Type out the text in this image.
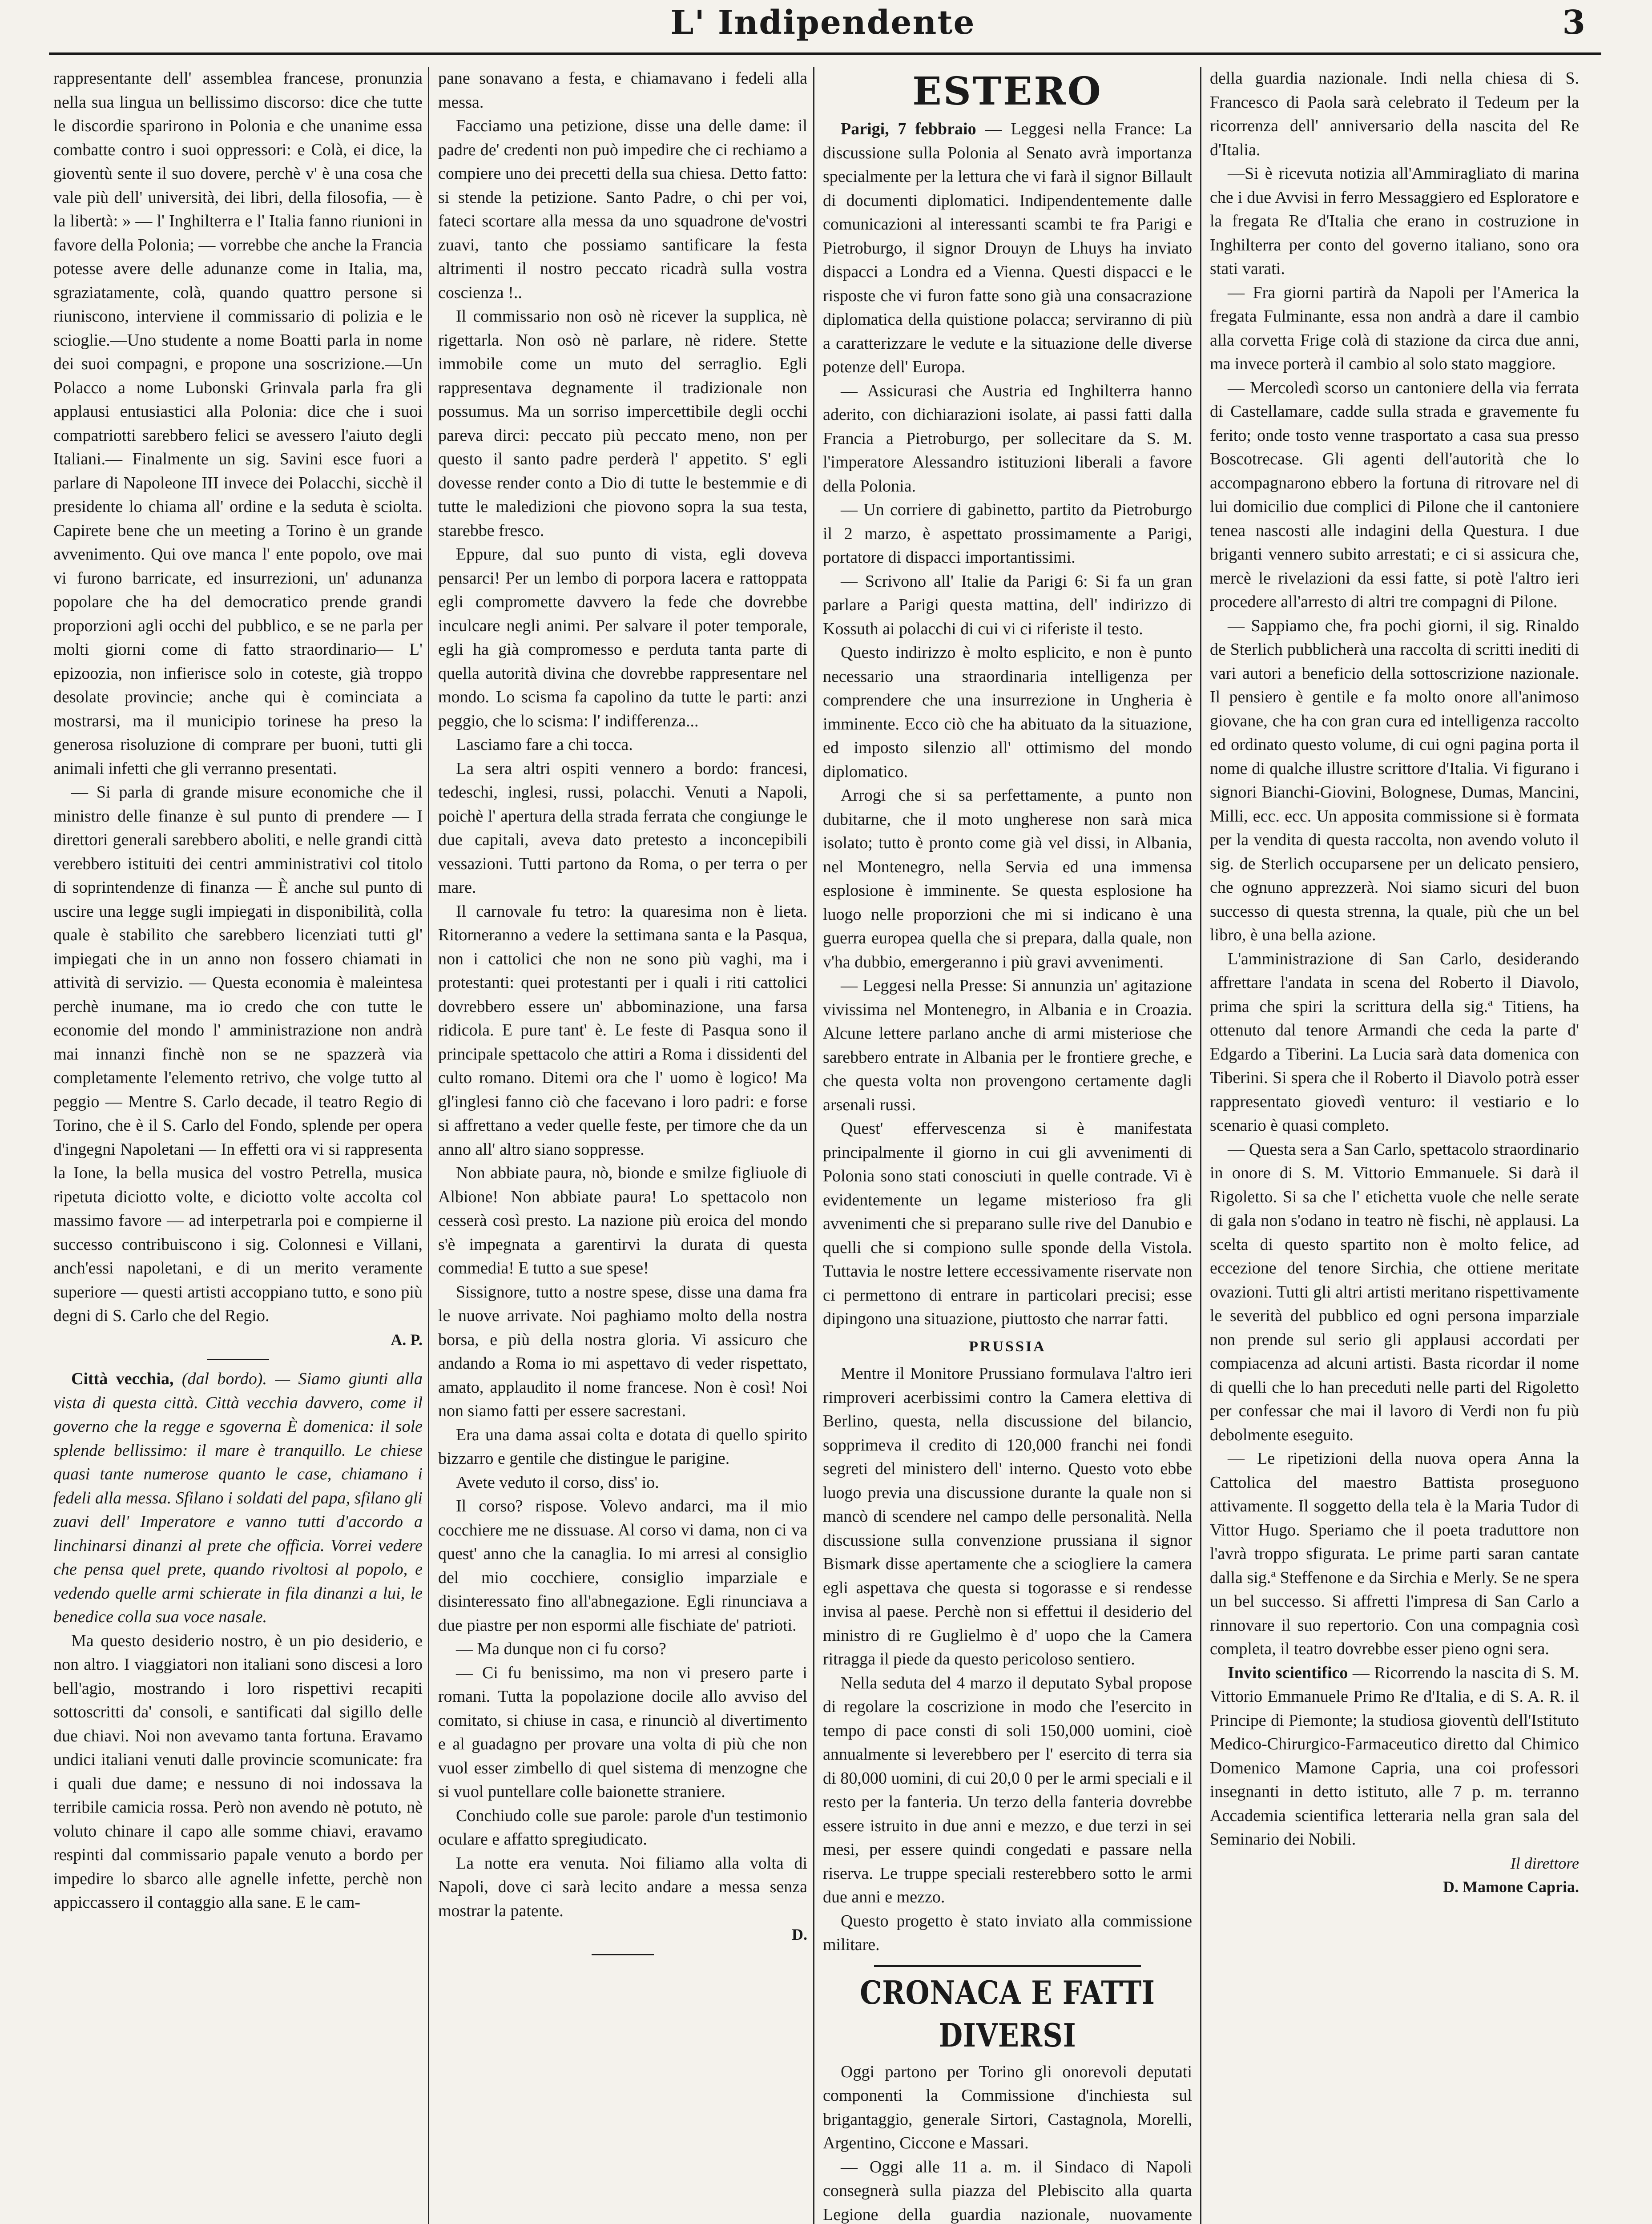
L' Indipendente	3

rappresentante dell' assemblea francese, pronunzia nella sua lingua un bellissimo discorso: dice che tutte le discordie sparirono in Polonia e che unanime essa combatte contro i suoi oppressori: e Colà, ei dice, la gioventù sente il suo dovere, perchè v' è una cosa che vale più dell' università, dei libri, della filosofia, — è la libertà: » — l' Inghilterra e l' Italia fanno riunioni in favore della Polonia; — vorrebbe che anche la Francia potesse avere delle adunanze come in Italia, ma, sgraziatamente, colà, quando quattro persone si riuniscono, interviene il commissario di polizia e le scioglie.—Uno studente a nome Boatti parla in nome dei suoi compagni, e propone una soscrizione.—Un Polacco a nome Lubonski Grinvala parla fra gli applausi entusiastici alla Polonia: dice che i suoi compatriotti sarebbero felici se avessero l'aiuto degli Italiani.— Finalmente un sig. Savini esce fuori a parlare di Napoleone III invece dei Polacchi, sicchè il presidente lo chiama all' ordine e la seduta è sciolta. Capirete bene che un meeting a Torino è un grande avvenimento. Qui ove manca l' ente popolo, ove mai vi furono barricate, ed insurrezioni, un' adunanza popolare che ha del democratico prende grandi proporzioni agli occhi del pubblico, e se ne parla per molti giorni come di fatto straordinario— L' epizoozia, non infierisce solo in coteste, già troppo desolate provincie; anche qui è cominciata a mostrarsi, ma il municipio torinese ha preso la generosa risoluzione di comprare per buoni, tutti gli animali infetti che gli verranno presentati.

— Si parla di grande misure economiche che il ministro delle finanze è sul punto di prendere — I direttori generali sarebbero aboliti, e nelle grandi città verebbero istituiti dei centri amministrativi col titolo di soprintendenze di finanza — È anche sul punto di uscire una legge sugli impiegati in disponibilità, colla quale è stabilito che sarebbero licenziati tutti gl' impiegati che in un anno non fossero chiamati in attività di servizio. — Questa economia è maleintesa perchè inumane, ma io credo che con tutte le economie del mondo l' amministrazione non andrà mai innanzi finchè non se ne spazzerà via completamente l'elemento retrivo, che volge tutto al peggio — Mentre S. Carlo decade, il teatro Regio di Torino, che è il S. Carlo del Fondo, splende per opera d'ingegni Napoletani — In effetti ora vi si rappresenta la Ione, la bella musica del vostro Petrella, musica ripetuta diciotto volte, e diciotto volte accolta col massimo favore — ad interpetrarla poi e compierne il successo contribuiscono i sig. Colonnesi e Villani, anch'essi napoletani, e di un merito veramente superiore — questi artisti accoppiano tutto, e sono più degni di S. Carlo che del Regio.

A. P.

Città vecchia, (dal bordo). — Siamo giunti alla vista di questa città. Città vecchia davvero, come il governo che la regge e sgoverna È domenica: il sole splende bellissimo: il mare è tranquillo. Le chiese quasi tante numerose quanto le case, chiamano i fedeli alla messa. Sfilano i soldati del papa, sfilano gli zuavi dell' Imperatore e vanno tutti d'accordo a linchinarsi dinanzi al prete che officia. Vorrei vedere che pensa quel prete, quando rivoltosi al popolo, e vedendo quelle armi schierate in fila dinanzi a lui, le benedice colla sua voce nasale.

Ma questo desiderio nostro, è un pio desiderio, e non altro. I viaggiatori non italiani sono discesi a loro bell'agio, mostrando i loro rispettivi recapiti sottoscritti da' consoli, e santificati dal sigillo delle due chiavi. Noi non avevamo tanta fortuna. Eravamo undici italiani venuti dalle provincie scomunicate: fra i quali due dame; e nessuno di noi indossava la terribile camicia rossa. Però non avendo nè potuto, nè voluto chinare il capo alle somme chiavi, eravamo respinti dal commissario papale venuto a bordo per impedire lo sbarco alle agnelle infette, perchè non appiccassero il contaggio alla sane. E le cam-

pane sonavano a festa, e chiamavano i fedeli alla messa.

Facciamo una petizione, disse una delle dame: il padre de' credenti non può impedire che ci rechiamo a compiere uno dei precetti della sua chiesa. Detto fatto: si stende la petizione. Santo Padre, o chi per voi, fateci scortare alla messa da uno squadrone de'vostri zuavi, tanto che possiamo santificare la festa altrimenti il nostro peccato ricadrà sulla vostra coscienza !..

Il commissario non osò nè ricever la supplica, nè rigettarla. Non osò nè parlare, nè ridere. Stette immobile come un muto del serraglio. Egli rappresentava degnamente il tradizionale non possumus. Ma un sorriso impercettibile degli occhi pareva dirci: peccato più peccato meno, non per questo il santo padre perderà l' appetito. S' egli dovesse render conto a Dio di tutte le bestemmie e di tutte le maledizioni che piovono sopra la sua testa, starebbe fresco.

Eppure, dal suo punto di vista, egli doveva pensarci! Per un lembo di porpora lacera e rattoppata egli compromette davvero la fede che dovrebbe inculcare negli animi. Per salvare il poter temporale, egli ha già compromesso e perduta tanta parte di quella autorità divina che dovrebbe rappresentare nel mondo. Lo scisma fa capolino da tutte le parti: anzi peggio, che lo scisma: l' indifferenza...

Lasciamo fare a chi tocca.

La sera altri ospiti vennero a bordo: francesi, tedeschi, inglesi, russi, polacchi. Venuti a Napoli, poichè l' apertura della strada ferrata che congiunge le due capitali, aveva dato pretesto a inconcepibili vessazioni. Tutti partono da Roma, o per terra o per mare.

Il carnovale fu tetro: la quaresima non è lieta. Ritorneranno a vedere la settimana santa e la Pasqua, non i cattolici che non ne sono più vaghi, ma i protestanti: quei protestanti per i quali i riti cattolici dovrebbero essere un' abbominazione, una farsa ridicola. E pure tant' è. Le feste di Pasqua sono il principale spettacolo che attiri a Roma i dissidenti del culto romano. Ditemi ora che l' uomo è logico! Ma gl'inglesi fanno ciò che facevano i loro padri: e forse si affrettano a veder quelle feste, per timore che da un anno all' altro siano soppresse.

Non abbiate paura, nò, bionde e smilze figliuole di Albione! Non abbiate paura! Lo spettacolo non cesserà così presto. La nazione più eroica del mondo s'è impegnata a garentirvi la durata di questa commedia! E tutto a sue spese!

Sissignore, tutto a nostre spese, disse una dama fra le nuove arrivate. Noi paghiamo molto della nostra borsa, e più della nostra gloria. Vi assicuro che andando a Roma io mi aspettavo di veder rispettato, amato, applaudito il nome francese. Non è così! Noi non siamo fatti per essere sacrestani.

Era una dama assai colta e dotata di quello spirito bizzarro e gentile che distingue le parigine.

Avete veduto il corso, diss' io.

Il corso? rispose. Volevo andarci, ma il mio cocchiere me ne dissuase. Al corso vi dama, non ci va quest' anno che la canaglia. Io mi arresi al consiglio del mio cocchiere, consiglio imparziale e disinteressato fino all'abnegazione. Egli rinunciava a due piastre per non espormi alle fischiate de' patrioti.

— Ma dunque non ci fu corso?

— Ci fu benissimo, ma non vi presero parte i romani. Tutta la popolazione docile allo avviso del comitato, si chiuse in casa, e rinunciò al divertimento e al guadagno per provare una volta di più che non vuol esser zimbello di quel sistema di menzogne che si vuol puntellare colle baionette straniere.

Conchiudo colle sue parole: parole d'un testimonio oculare e affatto spregiudicato.

La notte era venuta. Noi filiamo alla volta di Napoli, dove ci sarà lecito andare a messa senza mostrar la patente.

D.
ESTERO

Parigi, 7 febbraio — Leggesi nella France: La discussione sulla Polonia al Senato avrà importanza specialmente per la lettura che vi farà il signor Billault di documenti diplomatici. Indipendentemente dalle comunicazioni al interessanti scambi te fra Parigi e Pietroburgo, il signor Drouyn de Lhuys ha inviato dispacci a Londra ed a Vienna. Questi dispacci e le risposte che vi furon fatte sono già una consacrazione diplomatica della quistione polacca; serviranno di più a caratterizzare le vedute e la situazione delle diverse potenze dell' Europa.

— Assicurasi che Austria ed Inghilterra hanno aderito, con dichiarazioni isolate, ai passi fatti dalla Francia a Pietroburgo, per sollecitare da S. M. l'imperatore Alessandro istituzioni liberali a favore della Polonia.

— Un corriere di gabinetto, partito da Pietroburgo il 2 marzo, è aspettato prossimamente a Parigi, portatore di dispacci importantissimi.

— Scrivono all' Italie da Parigi 6: Si fa un gran parlare a Parigi questa mattina, dell' indirizzo di Kossuth ai polacchi di cui vi ci riferiste il testo.

Questo indirizzo è molto esplicito, e non è punto necessario una straordinaria intelligenza per comprendere che una insurrezione in Ungheria è imminente. Ecco ciò che ha abituato da la situazione, ed imposto silenzio all' ottimismo del mondo diplomatico.

Arrogi che si sa perfettamente, a punto non dubitarne, che il moto ungherese non sarà mica isolato; tutto è pronto come già vel dissi, in Albania, nel Montenegro, nella Servia ed una immensa esplosione è imminente. Se questa esplosione ha luogo nelle proporzioni che mi si indicano è una guerra europea quella che si prepara, dalla quale, non v'ha dubbio, emergeranno i più gravi avvenimenti.

— Leggesi nella Presse: Si annunzia un' agitazione vivissima nel Montenegro, in Albania e in Croazia. Alcune lettere parlano anche di armi misteriose che sarebbero entrate in Albania per le frontiere greche, e che questa volta non provengono certamente dagli arsenali russi.

Quest' effervescenza si è manifestata principalmente il giorno in cui gli avvenimenti di Polonia sono stati conosciuti in quelle contrade. Vi è evidentemente un legame misterioso fra gli avvenimenti che si preparano sulle rive del Danubio e quelli che si compiono sulle sponde della Vistola. Tuttavia le nostre lettere eccessivamente riservate non ci permettono di entrare in particolari precisi; esse dipingono una situazione, piuttosto che narrar fatti.

PRUSSIA

Mentre il Monitore Prussiano formulava l'altro ieri rimproveri acerbissimi contro la Camera elettiva di Berlino, questa, nella discussione del bilancio, sopprimeva il credito di 120,000 franchi nei fondi segreti del ministero dell' interno. Questo voto ebbe luogo previa una discussione durante la quale non si mancò di scendere nel campo delle personalità. Nella discussione sulla convenzione prussiana il signor Bismark disse apertamente che a sciogliere la camera egli aspettava che questa si togorasse e si rendesse invisa al paese. Perchè non si effettui il desiderio del ministro di re Guglielmo è d' uopo che la Camera ritragga il piede da questo pericoloso sentiero.

Nella seduta del 4 marzo il deputato Sybal propose di regolare la coscrizione in modo che l'esercito in tempo di pace consti di soli 150,000 uomini, cioè annualmente si leverebbero per l' esercito di terra sia di 80,000 uomini, di cui 20,0 0 per le armi speciali e il resto per la fanteria. Un terzo della fanteria dovrebbe essere istruito in due anni e mezzo, e due terzi in sei mesi, per essere quindi congedati e passare nella riserva. Le truppe speciali resterebbero sotto le armi due anni e mezzo.

Questo progetto è stato inviato alla commissione militare.

CRONACA E FATTI DIVERSI

Oggi partono per Torino gli onorevoli deputati componenti la Commissione d'inchiesta sul brigantaggio, generale Sirtori, Castagnola, Morelli, Argentino, Ciccone e Massari.

— Oggi alle 11 a. m. il Sindaco di Napoli consegnerà sulla piazza del Plebiscito alla quarta Legione della guardia nazionale, nuovamente

della guardia nazionale. Indi nella chiesa di S. Francesco di Paola sarà celebrato il Tedeum per la ricorrenza dell' anniversario della nascita del Re d'Italia.

—Si è ricevuta notizia all'Ammiragliato di marina che i due Avvisi in ferro Messaggiero ed Esploratore e la fregata Re d'Italia che erano in costruzione in Inghilterra per conto del governo italiano, sono ora stati varati.

— Fra giorni partirà da Napoli per l'America la fregata Fulminante, essa non andrà a dare il cambio alla corvetta Frige colà di stazione da circa due anni, ma invece porterà il cambio al solo stato maggiore.

— Mercoledì scorso un cantoniere della via ferrata di Castellamare, cadde sulla strada e gravemente fu ferito; onde tosto venne trasportato a casa sua presso Boscotrecase. Gli agenti dell'autorità che lo accompagnarono ebbero la fortuna di ritrovare nel di lui domicilio due complici di Pilone che il cantoniere tenea nascosti alle indagini della Questura. I due briganti vennero subito arrestati; e ci si assicura che, mercè le rivelazioni da essi fatte, si potè l'altro ieri procedere all'arresto di altri tre compagni di Pilone.

— Sappiamo che, fra pochi giorni, il sig. Rinaldo de Sterlich pubblicherà una raccolta di scritti inediti di vari autori a beneficio della sottoscrizione nazionale. Il pensiero è gentile e fa molto onore all'animoso giovane, che ha con gran cura ed intelligenza raccolto ed ordinato questo volume, di cui ogni pagina porta il nome di qualche illustre scrittore d'Italia. Vi figurano i signori Bianchi-Giovini, Bolognese, Dumas, Mancini, Milli, ecc. ecc. Un apposita commissione si è formata per la vendita di questa raccolta, non avendo voluto il sig. de Sterlich occuparsene per un delicato pensiero, che ognuno apprezzerà. Noi siamo sicuri del buon successo di questa strenna, la quale, più che un bel libro, è una bella azione.

L'amministrazione di San Carlo, desiderando affrettare l'andata in scena del Roberto il Diavolo, prima che spiri la scrittura della sig.ª Titiens, ha ottenuto dal tenore Armandi che ceda la parte d' Edgardo a Tiberini. La Lucia sarà data domenica con Tiberini. Si spera che il Roberto il Diavolo potrà esser rappresentato giovedì venturo: il vestiario e lo scenario è quasi completo.

— Questa sera a San Carlo, spettacolo straordinario in onore di S. M. Vittorio Emmanuele. Si darà il Rigoletto. Si sa che l' etichetta vuole che nelle serate di gala non s'odano in teatro nè fischi, nè applausi. La scelta di questo spartito non è molto felice, ad eccezione del tenore Sirchia, che ottiene meritate ovazioni. Tutti gli altri artisti meritano rispettivamente le severità del pubblico ed ogni persona imparziale non prende sul serio gli applausi accordati per compiacenza ad alcuni artisti. Basta ricordar il nome di quelli che lo han preceduti nelle parti del Rigoletto per confessar che mai il lavoro di Verdi non fu più debolmente eseguito.

— Le ripetizioni della nuova opera Anna la Cattolica del maestro Battista proseguono attivamente. Il soggetto della tela è la Maria Tudor di Vittor Hugo. Speriamo che il poeta traduttore non l'avrà troppo sfigurata. Le prime parti saran cantate dalla sig.ª Steffenone e da Sirchia e Merly. Se ne spera un bel successo. Si affretti l'impresa di San Carlo a rinnovare il suo repertorio. Con una compagnia così completa, il teatro dovrebbe esser pieno ogni sera.

Invito scientifico — Ricorrendo la nascita di S. M. Vittorio Emmanuele Primo Re d'Italia, e di S. A. R. il Principe di Piemonte; la studiosa gioventù dell'Istituto Medico-Chirurgico-Farmaceutico diretto dal Chimico Domenico Mamone Capria, una coi professori insegnanti in detto istituto, alle 7 p. m. terranno Accademia scientifica letteraria nella gran sala del Seminario dei Nobili.

Il direttore
D. Mamone Capria.
